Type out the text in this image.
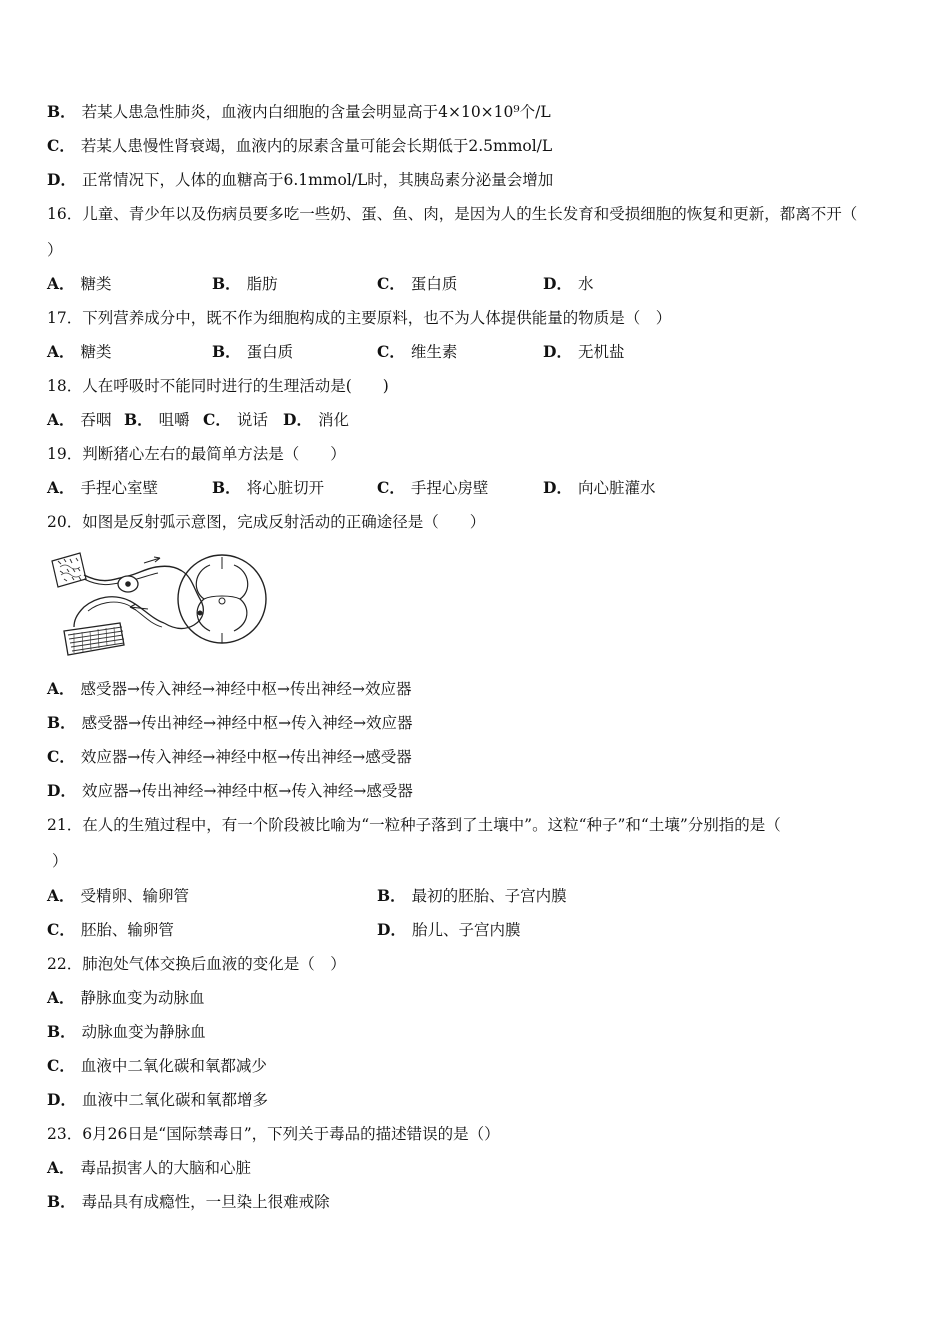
B． 若某人患急性肺炎，血液内白细胞的含量会明显高于4×10×10⁹个/L
C． 若某人患慢性肾衰竭，血液内的尿素含量可能会长期低于2.5mmol/L
D． 正常情况下，人体的血糖高于6.1mmol/L时，其胰岛素分泌量会增加
16．儿童、青少年以及伤病员要多吃一些奶、蛋、鱼、肉，是因为人的生长发育和受损细胞的恢复和更新，都离不开（
）
A． 糖类	B． 脂肪	C． 蛋白质	D． 水
17．下列营养成分中，既不作为细胞构成的主要原料，也不为人体提供能量的物质是（　）
A． 糖类	B． 蛋白质	C． 维生素	D． 无机盐
18．人在呼吸时不能同时进行的生理活动是(　　)
A． 吞咽 B． 咀嚼 C． 说话 D． 消化
19．判断猪心左右的最简单方法是（　　）
A． 手捏心室壁	B． 将心脏切开	C． 手捏心房壁	D． 向心脏灌水
20．如图是反射弧示意图，完成反射活动的正确途径是（　　）
A． 感受器→传入神经→神经中枢→传出神经→效应器
B． 感受器→传出神经→神经中枢→传入神经→效应器
C． 效应器→传入神经→神经中枢→传出神经→感受器
D． 效应器→传出神经→神经中枢→传入神经→感受器
21．在人的生殖过程中，有一个阶段被比喻为“一粒种子落到了土壤中”。这粒“种子”和“土壤”分别指的是（
）
A． 受精卵、输卵管	B． 最初的胚胎、子宫内膜
C． 胚胎、输卵管	D． 胎儿、子宫内膜
22．肺泡处气体交换后血液的变化是（　）
A． 静脉血变为动脉血
B． 动脉血变为静脉血
C． 血液中二氧化碳和氧都减少
D． 血液中二氧化碳和氧都增多
23．6月26日是“国际禁毒日”，下列关于毒品的描述错误的是（）
A． 毒品损害人的大脑和心脏
B． 毒品具有成瘾性，一旦染上很难戒除
